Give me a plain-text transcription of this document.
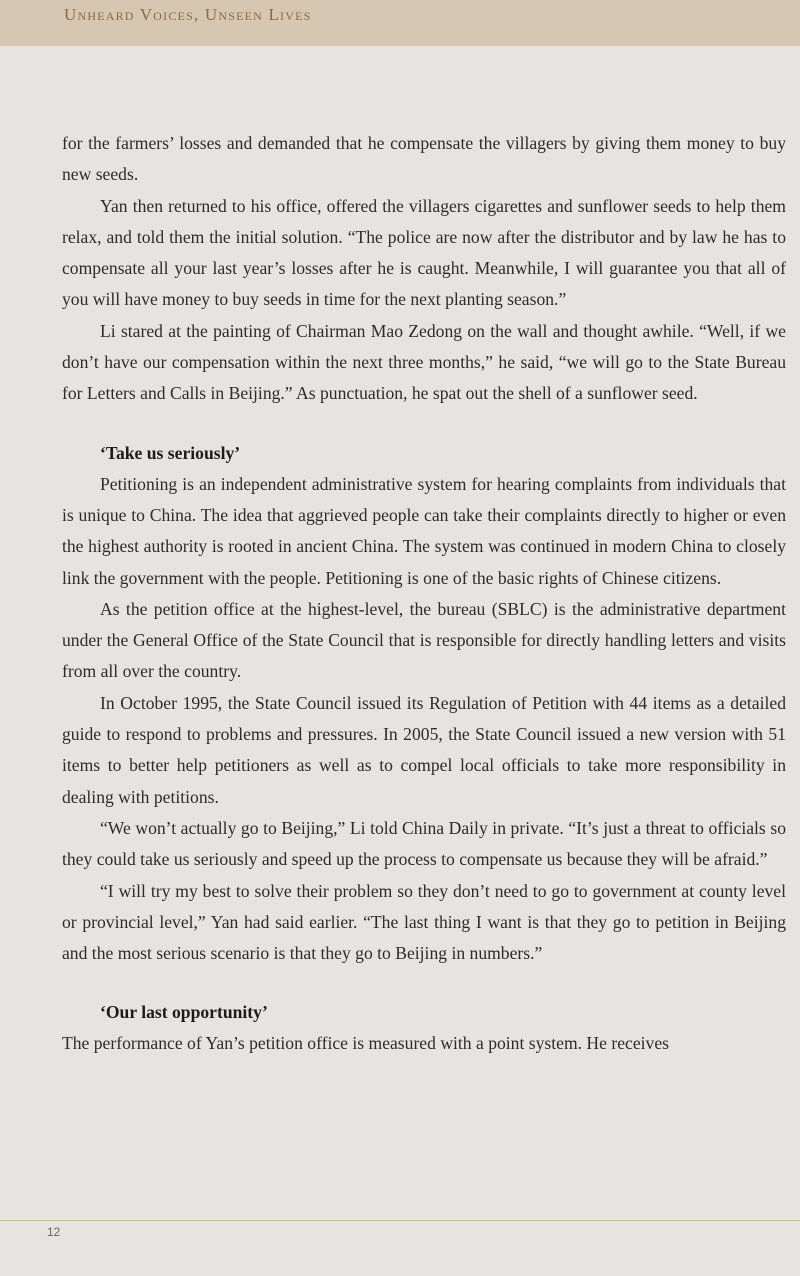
Unheard Voices, Unseen Lives

for the farmers’ losses and demanded that he compensate the villagers by giving them money to buy new seeds.

Yan then returned to his office, offered the villagers cigarettes and sunflower seeds to help them relax, and told them the initial solution. “The police are now after the distributor and by law he has to compensate all your last year’s losses after he is caught. Meanwhile, I will guarantee you that all of you will have money to buy seeds in time for the next planting season.”

Li stared at the painting of Chairman Mao Zedong on the wall and thought awhile. “Well, if we don’t have our compensation within the next three months,” he said, “we will go to the State Bureau for Letters and Calls in Beijing.” As punctuation, he spat out the shell of a sunflower seed.

‘Take us seriously’

Petitioning is an independent administrative system for hearing complaints from individuals that is unique to China. The idea that aggrieved people can take their complaints directly to higher or even the highest authority is rooted in ancient China. The system was continued in modern China to closely link the government with the people. Petitioning is one of the basic rights of Chinese citizens.

As the petition office at the highest-level, the bureau (SBLC) is the administrative department under the General Office of the State Council that is responsible for directly handling letters and visits from all over the country.

In October 1995, the State Council issued its Regulation of Petition with 44 items as a detailed guide to respond to problems and pressures. In 2005, the State Council issued a new version with 51 items to better help petitioners as well as to compel local officials to take more responsibility in dealing with petitions.

“We won’t actually go to Beijing,” Li told China Daily in private. “It’s just a threat to officials so they could take us seriously and speed up the process to compensate us because they will be afraid.”

“I will try my best to solve their problem so they don’t need to go to government at county level or provincial level,” Yan had said earlier. “The last thing I want is that they go to petition in Beijing and the most serious scenario is that they go to Beijing in numbers.”

‘Our last opportunity’

The performance of Yan’s petition office is measured with a point system. He receives

12
